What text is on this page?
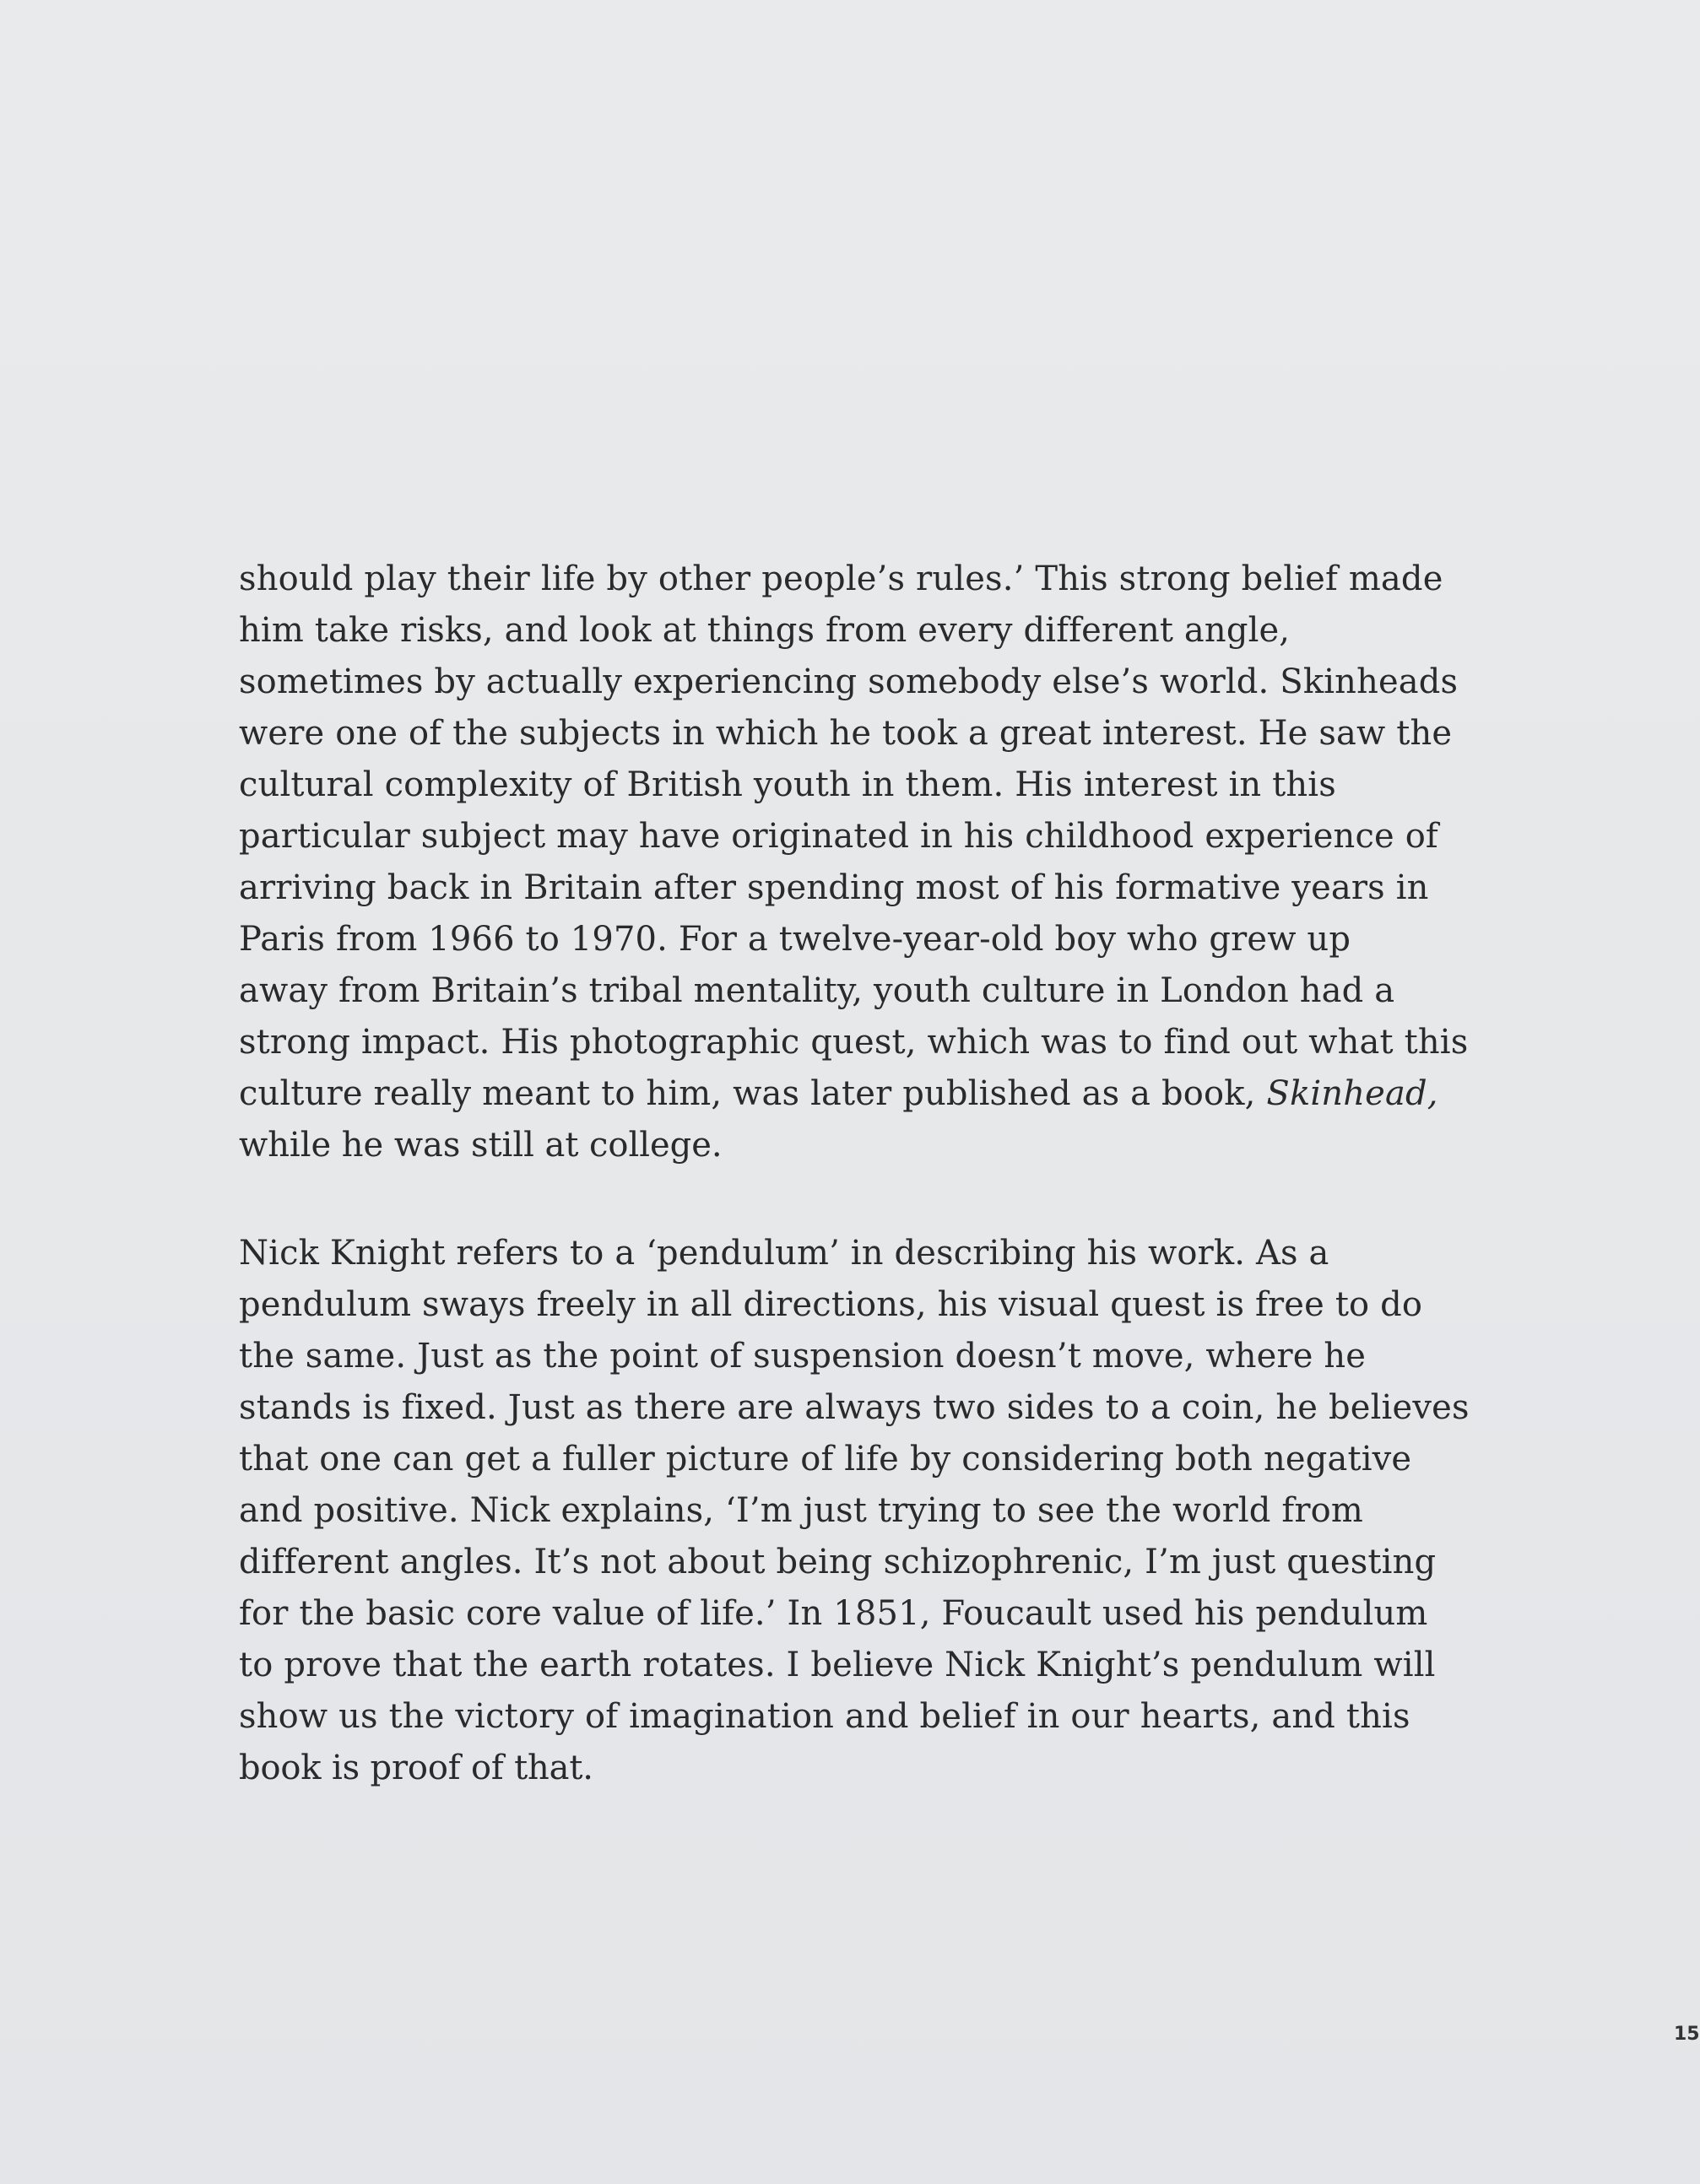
should play their life by other people’s rules.’ This strong belief made
him take risks, and look at things from every different angle,
sometimes by actually experiencing somebody else’s world. Skinheads
were one of the subjects in which he took a great interest. He saw the
cultural complexity of British youth in them. His interest in this
particular subject may have originated in his childhood experience of
arriving back in Britain after spending most of his formative years in
Paris from 1966 to 1970. For a twelve-year-old boy who grew up
away from Britain’s tribal mentality, youth culture in London had a
strong impact. His photographic quest, which was to find out what this
culture really meant to him, was later published as a book, Skinhead,
while he was still at college.
Nick Knight refers to a ‘pendulum’ in describing his work. As a
pendulum sways freely in all directions, his visual quest is free to do
the same. Just as the point of suspension doesn’t move, where he
stands is fixed. Just as there are always two sides to a coin, he believes
that one can get a fuller picture of life by considering both negative
and positive. Nick explains, ‘I’m just trying to see the world from
different angles. It’s not about being schizophrenic, I’m just questing
for the basic core value of life.’ In 1851, Foucault used his pendulum
to prove that the earth rotates. I believe Nick Knight’s pendulum will
show us the victory of imagination and belief in our hearts, and this
book is proof of that.
15
